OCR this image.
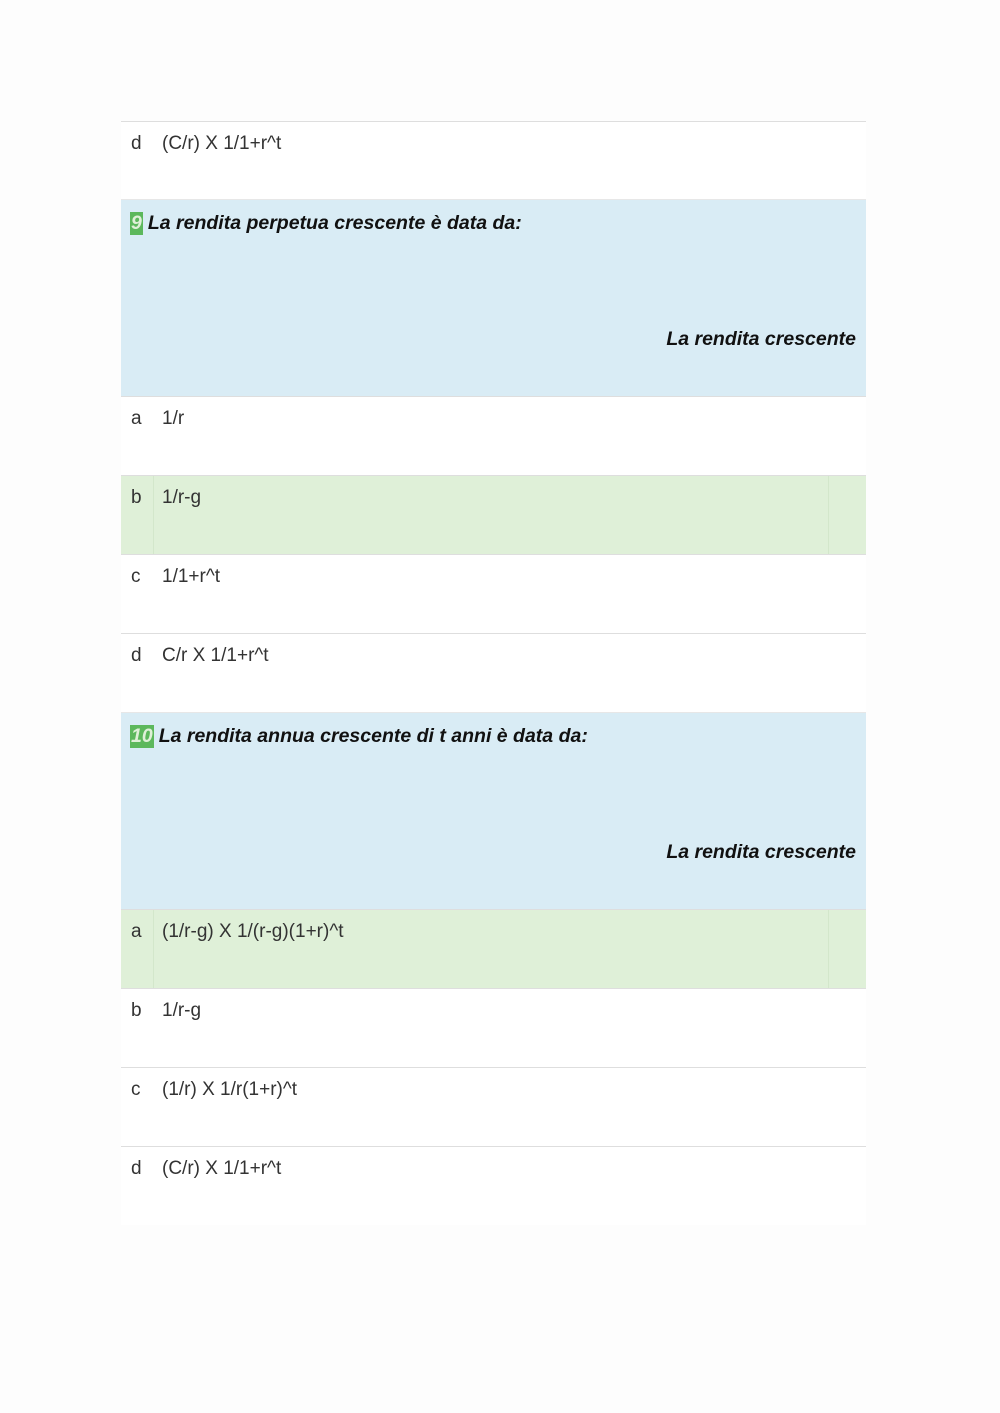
d (C/r) X 1/1+r^t
9 La rendita perpetua crescente è data da:
La rendita crescente
a 1/r
b 1/r-g
c 1/1+r^t
d C/r X 1/1+r^t
10 La rendita annua crescente di t anni è data da:
La rendita crescente
a (1/r-g) X 1/(r-g)(1+r)^t
b 1/r-g
c (1/r) X 1/r(1+r)^t
d (C/r) X 1/1+r^t
